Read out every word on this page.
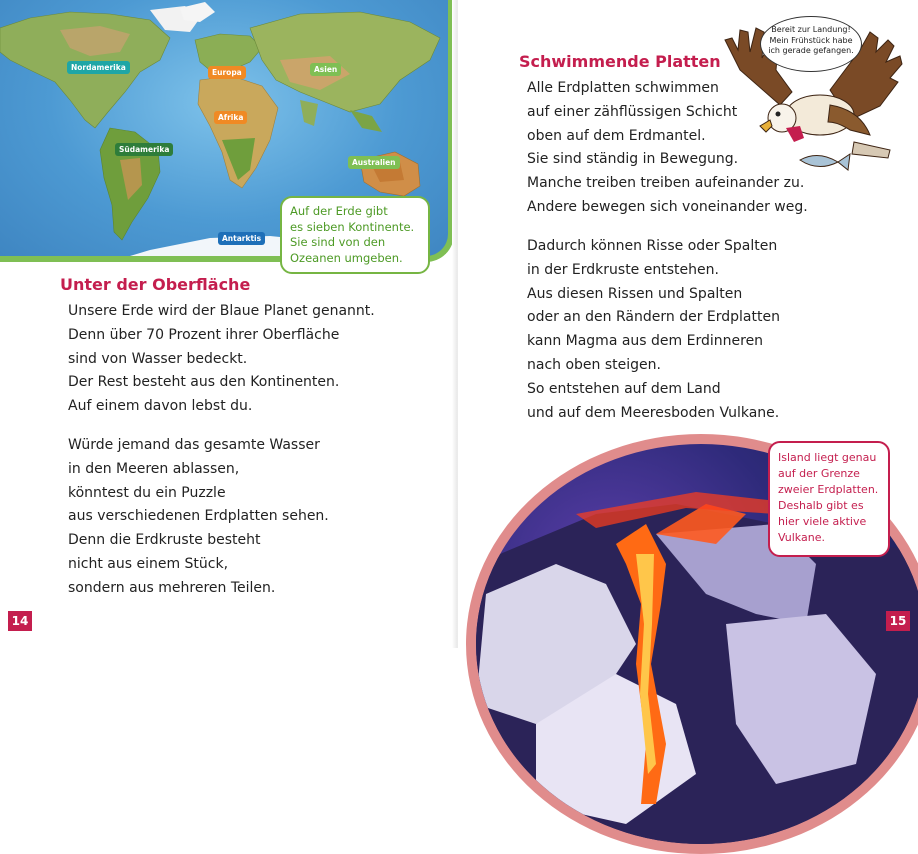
Nordamerika
Europa	Asien
Afrika
Südamerika
Australien
Antarktis
Auf der Erde gibt
es sieben Kontinente.
Sie sind von den
Ozeanen umgeben.
Unter der Oberfläche

Unsere Erde wird der Blaue Planet genannt.
Denn über 70 Prozent ihrer Oberfläche
sind von Wasser bedeckt.
Der Rest besteht aus den Kontinenten.
Auf einem davon lebst du.

Würde jemand das gesamte Wasser
in den Meeren ablassen,
könntest du ein Puzzle
aus verschiedenen Erdplatten sehen.
Denn die Erdkruste besteht
nicht aus einem Stück,
sondern aus mehreren Teilen.

14
Schwimmende Platten

Alle Erdplatten schwimmen
auf einer zähflüssigen Schicht
oben auf dem Erdmantel.
Sie sind ständig in Bewegung.
Manche treiben treiben aufeinander zu.
Andere bewegen sich voneinander weg.

Dadurch können Risse oder Spalten
in der Erdkruste entstehen.
Aus diesen Rissen und Spalten
oder an den Rändern der Erdplatten
kann Magma aus dem Erdinneren
nach oben steigen.
So entstehen auf dem Land
und auf dem Meeresboden Vulkane.

Bereit zur Landung!
Mein Frühstück habe
ich gerade gefangen.
Island liegt genau
auf der Grenze
zweier Erdplatten.
Deshalb gibt es
hier viele aktive
Vulkane.
15
